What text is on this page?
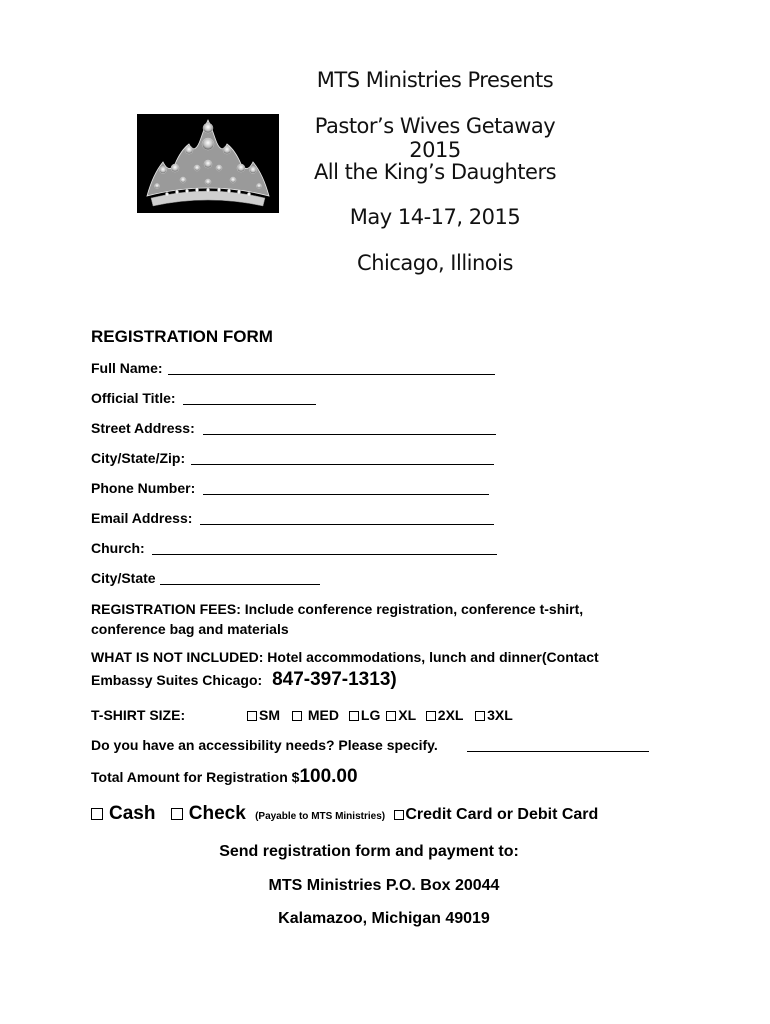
MTS Ministries Presents
Pastor’s Wives Getaway 2015
All the King’s Daughters
May 14-17, 2015
Chicago, Illinois
REGISTRATION FORM
Full Name:
Official Title:
Street Address:
City/State/Zip:
Phone Number:
Email Address:
Church:
City/State
REGISTRATION FEES: Include conference registration, conference t-shirt, conference bag and materials
WHAT IS NOT INCLUDED: Hotel accommodations, lunch and dinner(Contact
Embassy Suites Chicago: 847-397-1313)
T-SHIRT SIZE:	SM MED LG XL 2XL 3XL
Do you have an accessibility needs? Please specify.
Total Amount for Registration $100.00
Cash Check (Payable to MTS Ministries) Credit Card or Debit Card
Send registration form and payment to:
MTS Ministries P.O. Box 20044
Kalamazoo, Michigan 49019
